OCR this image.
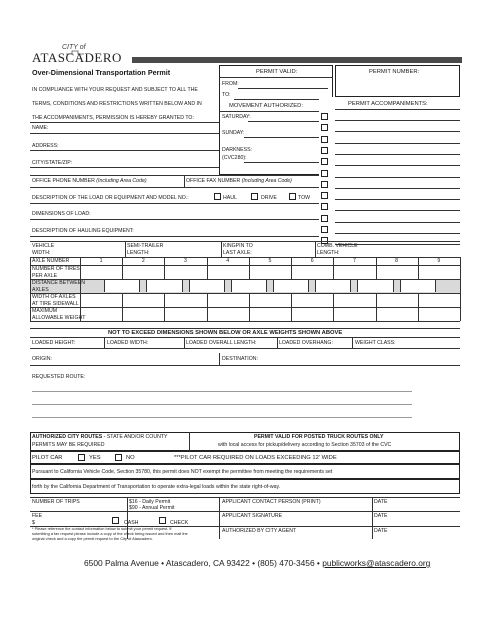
CITY of
ATASCADERO
Over-Dimensional Transportation Permit
IN COMPLIANCE WITH YOUR REQUEST AND SUBJECT TO ALL THE
TERMS, CONDITIONS AND RESTRICTIONS WRITTEN BELOW AND IN
THE ACCOMPANIMENTS, PERMISSION IS HEREBY GRANTED TO:
PERMIT VALID:
FROM:
TO:
MOVEMENT AUTHORIZED:
SATURDAY:
SUNDAY:
DARKNESS:
(CVC280):
PERMIT NUMBER:
PERMIT ACCOMPANIMENTS:
NAME:
ADDRESS:
CITY/STATE/ZIP:
OFFICE PHONE NUMBER (Including Area Code)	OFFICE FAX NUMBER (Including Area Code)
DESCRIPTION OF THE LOAD OR EQUIPMENT AND MODEL NO.:	HAUL	DRIVE	TOW
DIMENSIONS OF LOAD:
DESCRIPTION OF HAULING EQUIPMENT:
VEHICLE
WIDTH:
SEMI-TRAILER
LENGTH:
KINGPIN TO
LAST AXLE:
COMB. VEHICLE
LENGTH:
AXLE NUMBER	1	2	3	4	5	6	7	8	9
NUMBER OF TIRES
PER AXLE
DISTANCE BETWEEN
AXLES
WIDTH OF AXLES
AT TIRE SIDEWALL
MAXIMUM
ALLOWABLE WEIGHT
NOT TO EXCEED DIMENSIONS SHOWN BELOW OR AXLE WEIGHTS SHOWN ABOVE
LOADED HEIGHT:	LOADED WIDTH:	LOADED OVERALL LENGTH:	LOADED OVERHANG:	WEIGHT CLASS:
ORIGIN:	DESTINATION:
REQUESTED ROUTE:
AUTHORIZED CITY ROUTES - STATE AND/OR COUNTY
PERMITS MAY BE REQUIRED
PERMIT VALID FOR POSTED TRUCK ROUTES ONLY
with local access for pickup/delivery according to Section 35703 of the CVC
PILOT CAR	YES	NO	***PILOT CAR REQUIRED ON LOADS EXCEEDING 12' WIDE
Pursuant to California Vehicle Code, Section 35780, this permit does NOT exempt the permittee from meeting the requirements set
forth by the California Department of Transportation to operate extra-legal loads within the state right-of-way.
NUMBER OF TRIPS	$16 - Daily Permit
$90 - Annual Permit
APPLICANT CONTACT PERSON (PRINT)	DATE
FEE
$	CASH	CHECK
APPLICANT SIGNATURE	DATE
* Please reference the contact information below to submit your permit request. If
submitting a fax request please include a copy of the check being issued and then mail the
original check and a copy the permit request to the City of Atascadero.
AUTHORIZED BY CITY AGENT	DATE
6500 Palma Avenue • Atascadero, CA 93422 • (805) 470-3456 • publicworks@atascadero.org
